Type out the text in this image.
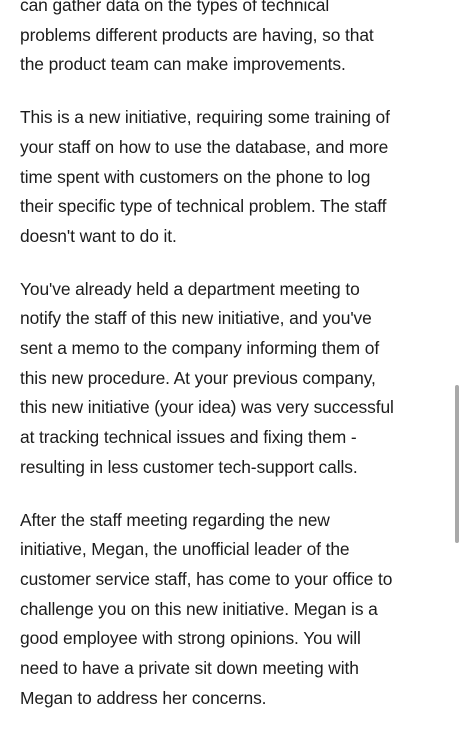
can gather data on the types of technical
problems different products are having, so that
the product team can make improvements.

This is a new initiative, requiring some training of
your staff on how to use the database, and more
time spent with customers on the phone to log
their specific type of technical problem. The staff
doesn't want to do it.

You've already held a department meeting to
notify the staff of this new initiative, and you've
sent a memo to the company informing them of
this new procedure. At your previous company,
this new initiative (your idea) was very successful
at tracking technical issues and fixing them -
resulting in less customer tech-support calls.

After the staff meeting regarding the new
initiative, Megan, the unofficial leader of the
customer service staff, has come to your office to
challenge you on this new initiative. Megan is a
good employee with strong opinions. You will
need to have a private sit down meeting with
Megan to address her concerns.
